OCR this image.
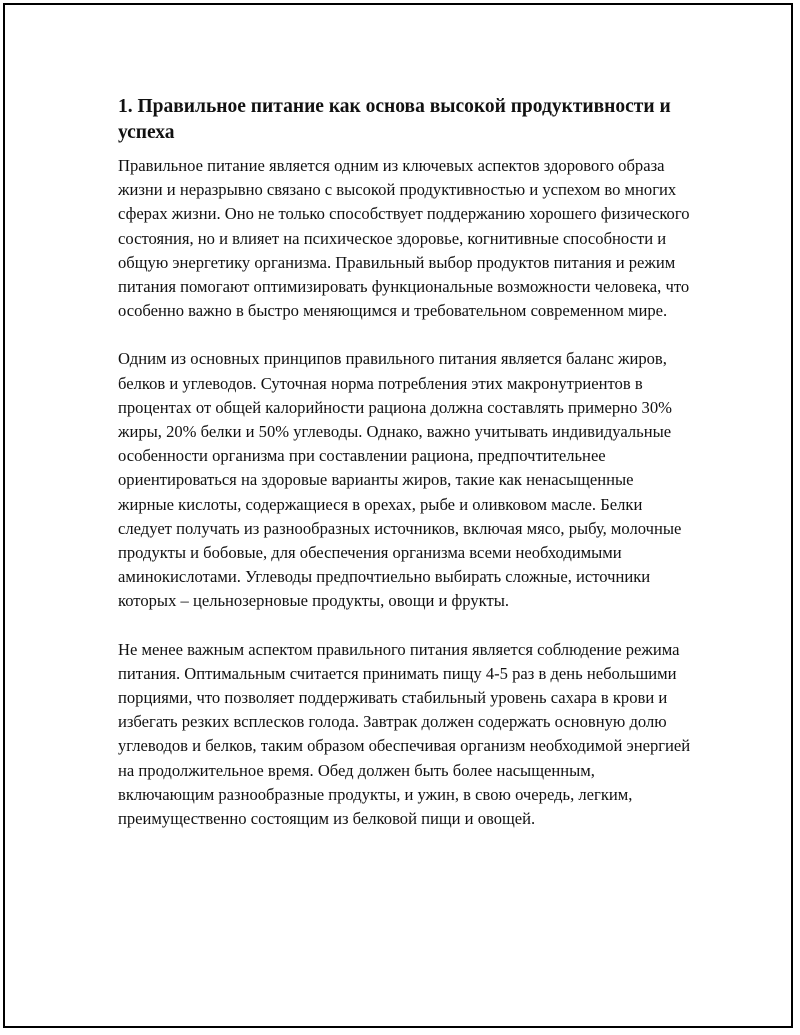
1. Правильное питание как основа высокой продуктивности и успеха

Правильное питание является одним из ключевых аспектов здорового образа жизни и неразрывно связано с высокой продуктивностью и успехом во многих сферах жизни. Оно не только способствует поддержанию хорошего физического состояния, но и влияет на психическое здоровье, когнитивные способности и общую энергетику организма. Правильный выбор продуктов питания и режим питания помогают оптимизировать функциональные возможности человека, что особенно важно в быстро меняющимся и требовательном современном мире.

Одним из основных принципов правильного питания является баланс жиров, белков и углеводов. Суточная норма потребления этих макронутриентов в процентах от общей калорийности рациона должна составлять примерно 30% жиры, 20% белки и 50% углеводы. Однако, важно учитывать индивидуальные особенности организма при составлении рациона, предпочтительнее ориентироваться на здоровые варианты жиров, такие как ненасыщенные жирные кислоты, содержащиеся в орехах, рыбе и оливковом масле. Белки следует получать из разнообразных источников, включая мясо, рыбу, молочные продукты и бобовые, для обеспечения организма всеми необходимыми аминокислотами. Углеводы предпочтиельно выбирать сложные, источники которых – цельнозерновые продукты, овощи и фрукты.

Не менее важным аспектом правильного питания является соблюдение режима питания. Оптимальным считается принимать пищу 4-5 раз в день небольшими порциями, что позволяет поддерживать стабильный уровень сахара в крови и избегать резких всплесков голода. Завтрак должен содержать основную долю углеводов и белков, таким образом обеспечивая организм необходимой энергией на продолжительное время. Обед должен быть более насыщенным, включающим разнообразные продукты, и ужин, в свою очередь, легким, преимущественно состоящим из белковой пищи и овощей.
